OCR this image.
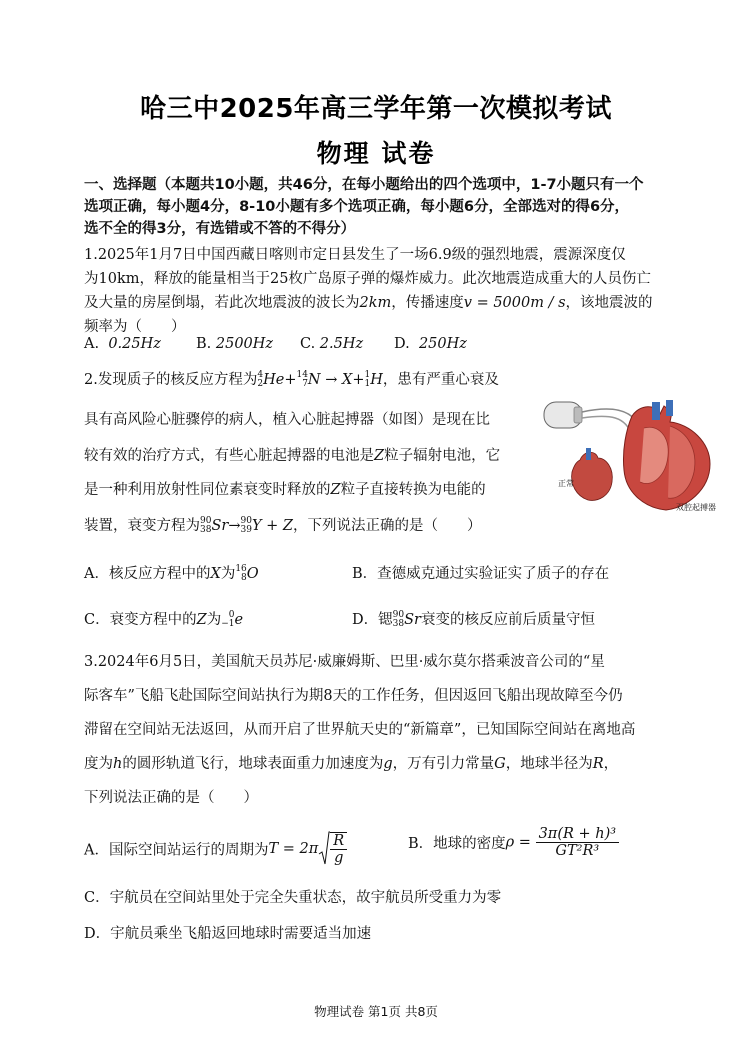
哈三中2025年高三学年第一次模拟考试
物理 试卷
一、选择题（本题共10小题，共46分，在每小题给出的四个选项中，1-7小题只有一个
选项正确，每小题4分，8-10小题有多个选项正确，每小题6分，全部选对的得6分，
选不全的得3分，有选错或不答的不得分）
1.2025年1月7日中国西藏日喀则市定日县发生了一场6.9级的强烈地震，震源深度仅
为10km，释放的能量相当于25枚广岛原子弹的爆炸威力。此次地震造成重大的人员伤亡
及大量的房屋倒塌，若此次地震波的波长为2km，传播速度v = 5000m / s，该地震波的
频率为（　　）
A. 0.25Hz B. 2500Hz C. 2.5Hz D. 250Hz
2.发现质子的核反应方程为 4
2 He+ 14
7 N → X+ 1
1 H，患有严重心衰及
具有高风险心脏骤停的病人，植入心脏起搏器（如图）是现在比
较有效的治疗方式，有些心脏起搏器的电池是Z粒子辐射电池，它
是一种利用放射性同位素衰变时释放的Z粒子直接转换为电能的
装置，衰变方程为 90
38 Sr→ 90
39 Y + Z，下列说法正确的是（　　）
正常
双腔起搏器
A．核反应方程中的X为 16
8 O	B．查德威克通过实验证实了质子的存在
C．衰变方程中的Z为 0
−1 e	D．锶 90
38 Sr衰变的核反应前后质量守恒
3.2024年6月5日，美国航天员苏尼·威廉姆斯、巴里·威尔莫尔搭乘波音公司的“星
际客车”飞船飞赴国际空间站执行为期8天的工作任务，但因返回飞船出现故障至今仍
滞留在空间站无法返回，从而开启了世界航天史的“新篇章”，已知国际空间站在离地高
度为h的圆形轨道飞行，地球表面重力加速度为g，万有引力常量G，地球半径为R，
下列说法正确的是（　　）
A．国际空间站运行的周期为$T = 2\pi \frac{R}{g}$	B．地球的密度$\rho = \frac{\text{3π(R + h)³}}{\text{GT²R³}}$
C．宇航员在空间站里处于完全失重状态，故宇航员所受重力为零
D．宇航员乘坐飞船返回地球时需要适当加速
物理试卷 第1页 共8页
